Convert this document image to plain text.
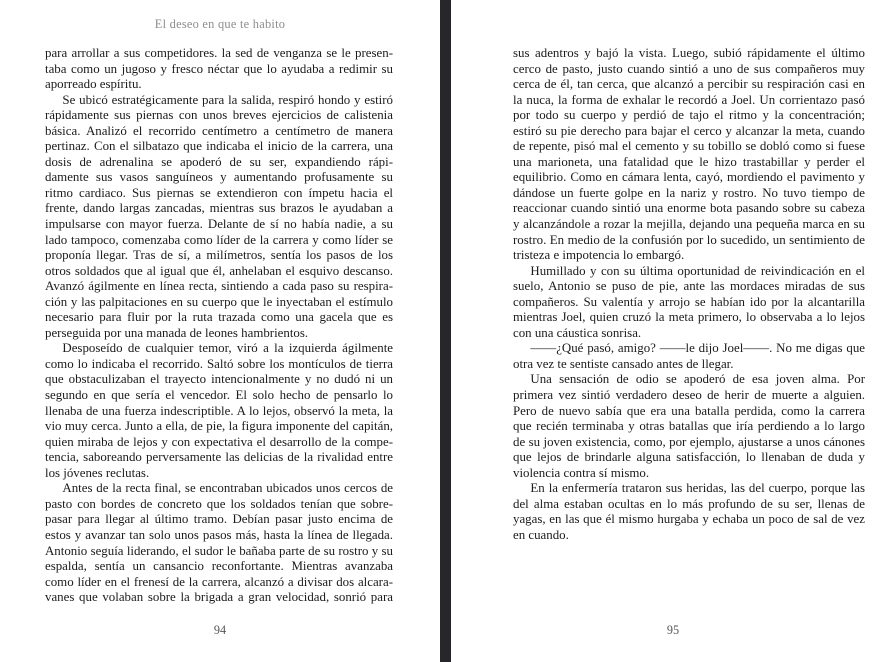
El deseo en que te habito

para arrollar a sus competidores. la sed de venganza se le presen-taba como un jugoso y fresco néctar que lo ayudaba a redimir su aporreado espíritu.

Se ubicó estratégicamente para la salida, respiró hondo y estiró rápidamente sus piernas con unos breves ejercicios de calistenia básica. Analizó el recorrido centímetro a centímetro de manera pertinaz. Con el silbatazo que indicaba el inicio de la carrera, una dosis de adrenalina se apoderó de su ser, expandiendo rápi-damente sus vasos sanguíneos y aumentando profusamente su ritmo cardiaco. Sus piernas se extendieron con ímpetu hacia el frente, dando largas zancadas, mientras sus brazos le ayudaban a impulsarse con mayor fuerza. Delante de sí no había nadie, a su lado tampoco, comenzaba como líder de la carrera y como líder se proponía llegar. Tras de sí, a milímetros, sentía los pasos de los otros soldados que al igual que él, anhelaban el esquivo descanso. Avanzó ágilmente en línea recta, sintiendo a cada paso su respira-ción y las palpitaciones en su cuerpo que le inyectaban el estímulo necesario para fluir por la ruta trazada como una gacela que es perseguida por una manada de leones hambrientos.

Desposeído de cualquier temor, viró a la izquierda ágilmente como lo indicaba el recorrido. Saltó sobre los montículos de tierra que obstaculizaban el trayecto intencionalmente y no dudó ni un segundo en que sería el vencedor. El solo hecho de pensarlo lo llenaba de una fuerza indescriptible. A lo lejos, observó la meta, la vio muy cerca. Junto a ella, de pie, la figura imponente del capitán, quien miraba de lejos y con expectativa el desarrollo de la compe-tencia, saboreando perversamente las delicias de la rivalidad entre los jóvenes reclutas.

Antes de la recta final, se encontraban ubicados unos cercos de pasto con bordes de concreto que los soldados tenían que sobre-pasar para llegar al último tramo. Debían pasar justo encima de estos y avanzar tan solo unos pasos más, hasta la línea de llegada. Antonio seguía liderando, el sudor le bañaba parte de su rostro y su espalda, sentía un cansancio reconfortante. Mientras avanzaba como líder en el frenesí de la carrera, alcanzó a divisar dos alcara-vanes que volaban sobre la brigada a gran velocidad, sonrió para

94

sus adentros y bajó la vista. Luego, subió rápidamente el último cerco de pasto, justo cuando sintió a uno de sus compañeros muy cerca de él, tan cerca, que alcanzó a percibir su respiración casi en la nuca, la forma de exhalar le recordó a Joel. Un corrientazo pasó por todo su cuerpo y perdió de tajo el ritmo y la concentración; estiró su pie derecho para bajar el cerco y alcanzar la meta, cuando de repente, pisó mal el cemento y su tobillo se dobló como si fuese una marioneta, una fatalidad que le hizo trastabillar y perder el equilibrio. Como en cámara lenta, cayó, mordiendo el pavimento y dándose un fuerte golpe en la nariz y rostro. No tuvo tiempo de reaccionar cuando sintió una enorme bota pasando sobre su cabeza y alcanzándole a rozar la mejilla, dejando una pequeña marca en su rostro. En medio de la confusión por lo sucedido, un sentimiento de tristeza e impotencia lo embargó.

Humillado y con su última oportunidad de reivindicación en el suelo, Antonio se puso de pie, ante las mordaces miradas de sus compañeros. Su valentía y arrojo se habían ido por la alcantarilla mientras Joel, quien cruzó la meta primero, lo observaba a lo lejos con una cáustica sonrisa.

——¿Qué pasó, amigo? ——le dijo Joel——. No me digas que otra vez te sentiste cansado antes de llegar.

Una sensación de odio se apoderó de esa joven alma. Por primera vez sintió verdadero deseo de herir de muerte a alguien. Pero de nuevo sabía que era una batalla perdida, como la carrera que recién terminaba y otras batallas que iría perdiendo a lo largo de su joven existencia, como, por ejemplo, ajustarse a unos cánones que lejos de brindarle alguna satisfacción, lo llenaban de duda y violencia contra sí mismo.

En la enfermería trataron sus heridas, las del cuerpo, porque las del alma estaban ocultas en lo más profundo de su ser, llenas de yagas, en las que él mismo hurgaba y echaba un poco de sal de vez en cuando.

95
